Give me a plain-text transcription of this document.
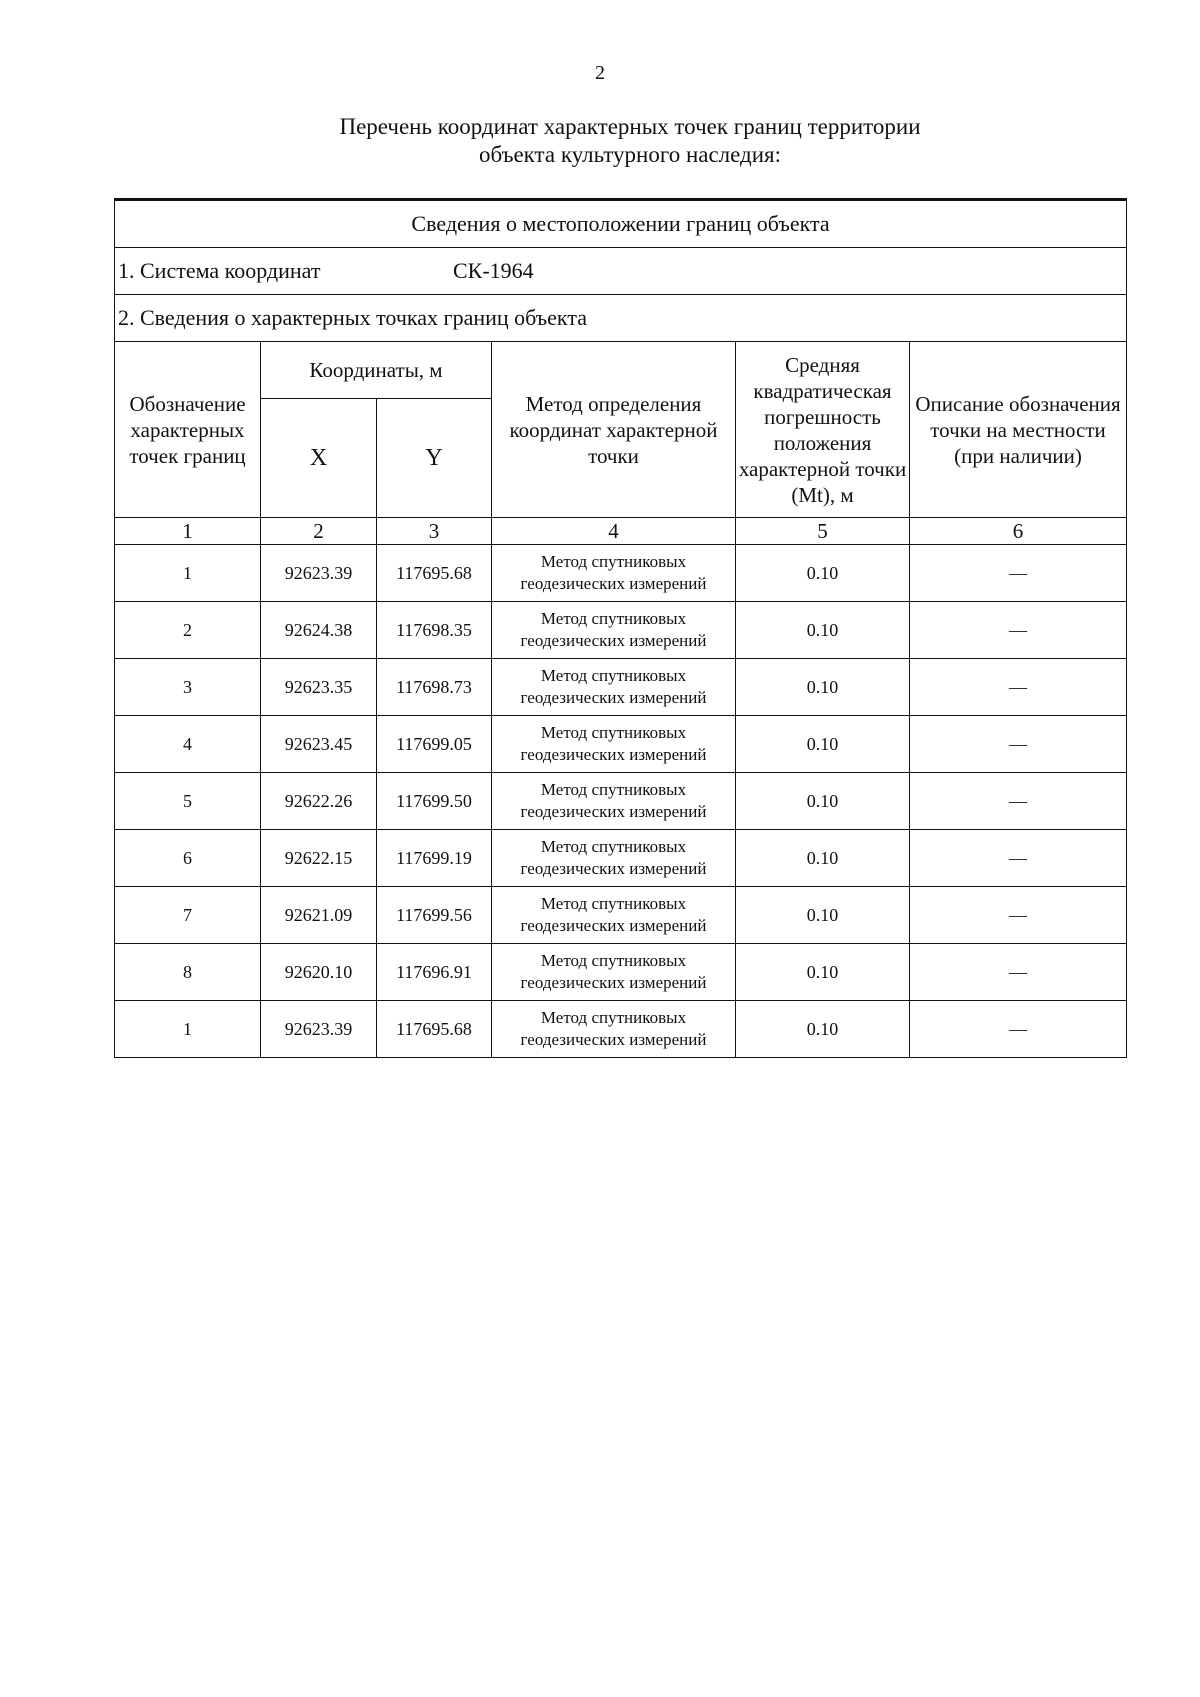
2
Перечень координат характерных точек границ территории
объекта культурного наследия:
Сведения о местоположении границ объекта					
1. Система координат СК-1964					
2. Сведения о характерных точках границ объекта					
Обозначение характерных точек границ	Координаты, м		Метод определения координат характерной точки	Средняя квадратическая погрешность положения характерной точки (Mt), м	Описание обозначения точки на местности (при наличии)
	X	Y			
1	2	3	4	5	6
1	92623.39	117695.68	Метод спутниковых геодезических измерений	0.10	—
2	92624.38	117698.35	Метод спутниковых геодезических измерений	0.10	—
3	92623.35	117698.73	Метод спутниковых геодезических измерений	0.10	—
4	92623.45	117699.05	Метод спутниковых геодезических измерений	0.10	—
5	92622.26	117699.50	Метод спутниковых геодезических измерений	0.10	—
6	92622.15	117699.19	Метод спутниковых геодезических измерений	0.10	—
7	92621.09	117699.56	Метод спутниковых геодезических измерений	0.10	—
8	92620.10	117696.91	Метод спутниковых геодезических измерений	0.10	—
1	92623.39	117695.68	Метод спутниковых геодезических измерений	0.10	—
